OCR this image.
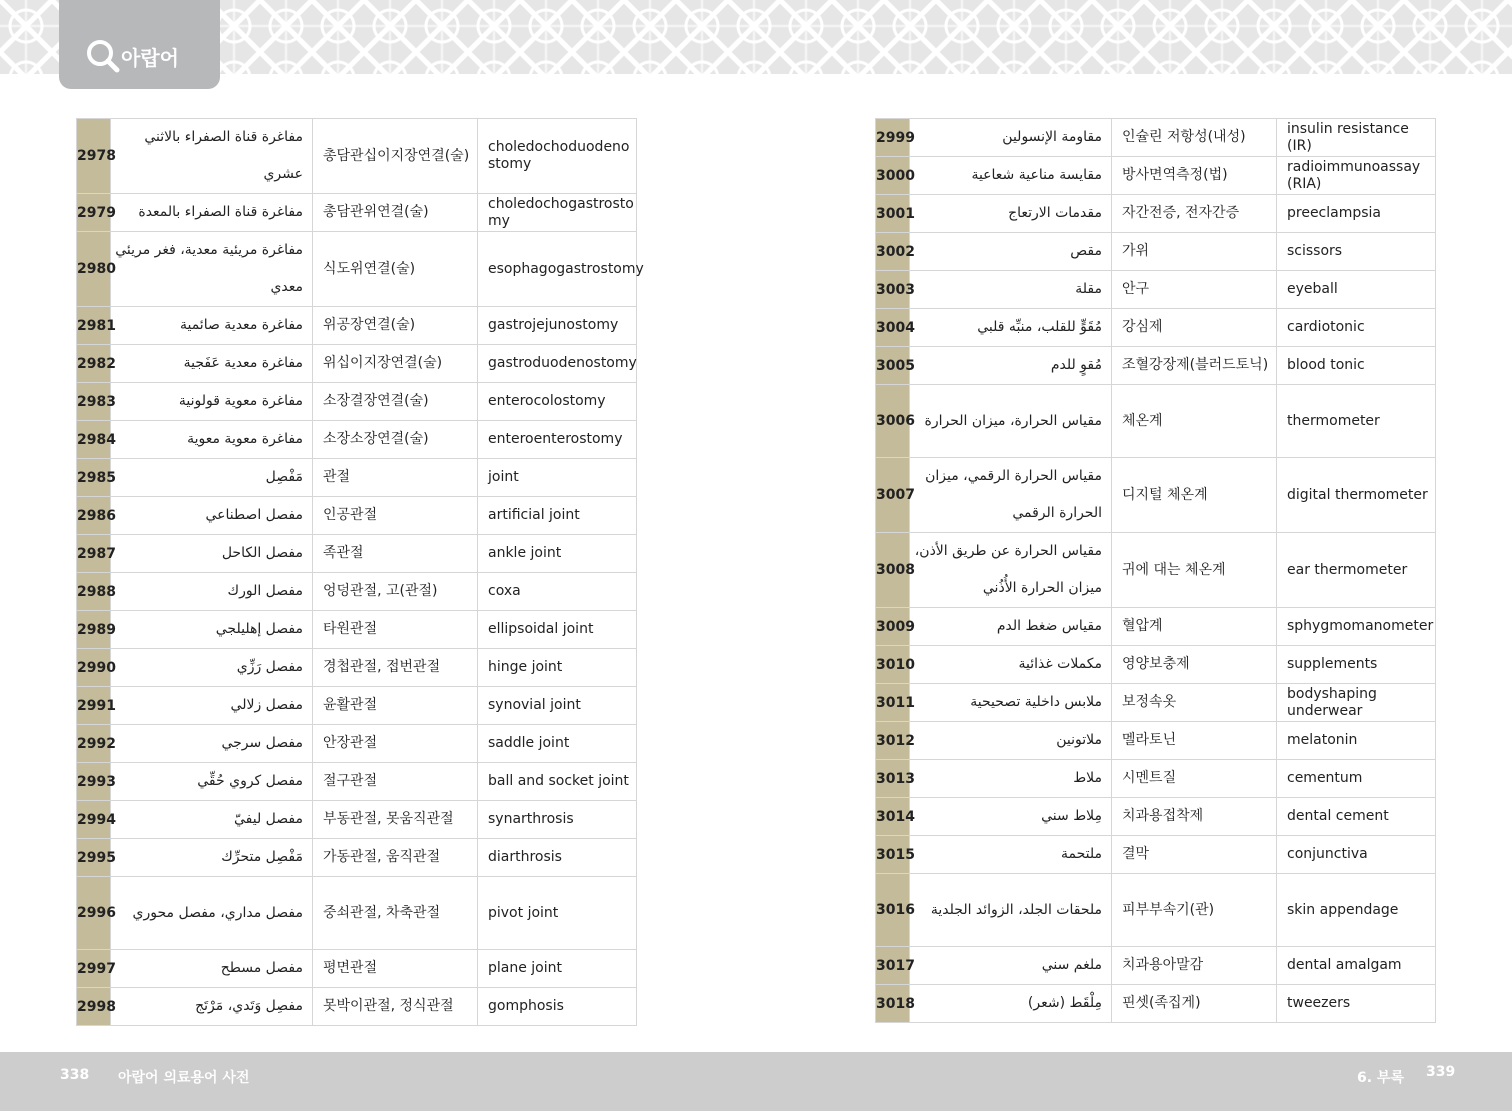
아랍어
2978	مفاغرة قناة الصفراء بالاثني عشري	총담관십이지장연결(술)	choledochoduodenostomy
2979	مفاغرة قناة الصفراء بالمعدة	총담관위연결(술)	choledochogastrostomy
2980	مفاغرة مريئية معدية، فغر مريئي معدي	식도위연결(술)	esophagogastrostomy
2981	مفاغرة معدية صائمية	위공장연결(술)	gastrojejunostomy
2982	مفاغرة معدية عَفَجية	위십이지장연결(술)	gastroduodenostomy
2983	مفاغرة معوية قولونية	소장결장연결(술)	enterocolostomy
2984	مفاغرة معوية معوية	소장소장연결(술)	enteroenterostomy
2985	مَفْصِل	관절	joint
2986	مفصل اصطناعي	인공관절	artificial joint
2987	مفصل الكاحل	족관절	ankle joint
2988	مفصل الورك	엉덩관절, 고(관절)	coxa
2989	مفصل إهليلجي	타원관절	ellipsoidal joint
2990	مفصل رَزِّي	경첩관절, 접번관절	hinge joint
2991	مفصل زلالي	윤활관절	synovial joint
2992	مفصل سرجي	안장관절	saddle joint
2993	مفصل كروي حُقِّي	절구관절	ball and socket joint
2994	مفصل ليفيّ	부동관절, 못움직관절	synarthrosis
2995	مَفْصِل متحرِّك	가동관절, 움직관절	diarthrosis
2996	مفصل مداري، مفصل محوري	중쇠관절, 차축관절	pivot joint
2997	مفصل مسطح	평면관절	plane joint
2998	مفصِل وَتَدي، مَرْتَج	못박이관절, 정식관절	gomphosis
2999	مقاومة الإنسولين	인슐린 저항성(내성)	insulin resistance (IR)
3000	مقايسة مناعية شعاعية	방사면역측정(법)	radioimmunoassay (RIA)
3001	مقدمات الارتعاج	자간전증, 전자간증	preeclampsia
3002	مقص	가위	scissors
3003	مقلة	안구	eyeball
3004	مُقَوٍّ للقلب، منبِّه قلبي	강심제	cardiotonic
3005	مُقوٍ للدم	조혈강장제(블러드토닉)	blood tonic
3006	مقياس الحرارة، ميزان الحرارة	체온계	thermometer
3007	مقياس الحرارة الرقمي، ميزان الحرارة الرقمي	디지털 체온계	digital thermometer
3008	مقياس الحرارة عن طريق الأذن، ميزان الحرارة الأُذُني	귀에 대는 체온계	ear thermometer
3009	مقياس ضغط الدم	혈압계	sphygmomanometer
3010	مكملات غذائية	영양보충제	supplements
3011	ملابس داخلية تصحيحية	보정속옷	bodyshaping underwear
3012	ملاتونين	멜라토닌	melatonin
3013	ملاط	시멘트질	cementum
3014	مِلاط سني	치과용접착제	dental cement
3015	ملتحمة	결막	conjunctiva
3016	ملحقات الجلد، الزوائد الجلدية	피부부속기(관)	skin appendage
3017	ملغم سني	치과용아말감	dental amalgam
3018	مِلْقَط (شعر)	핀셋(족집게)	tweezers
338 아랍어 의료용어 사전	6. 부록 339
